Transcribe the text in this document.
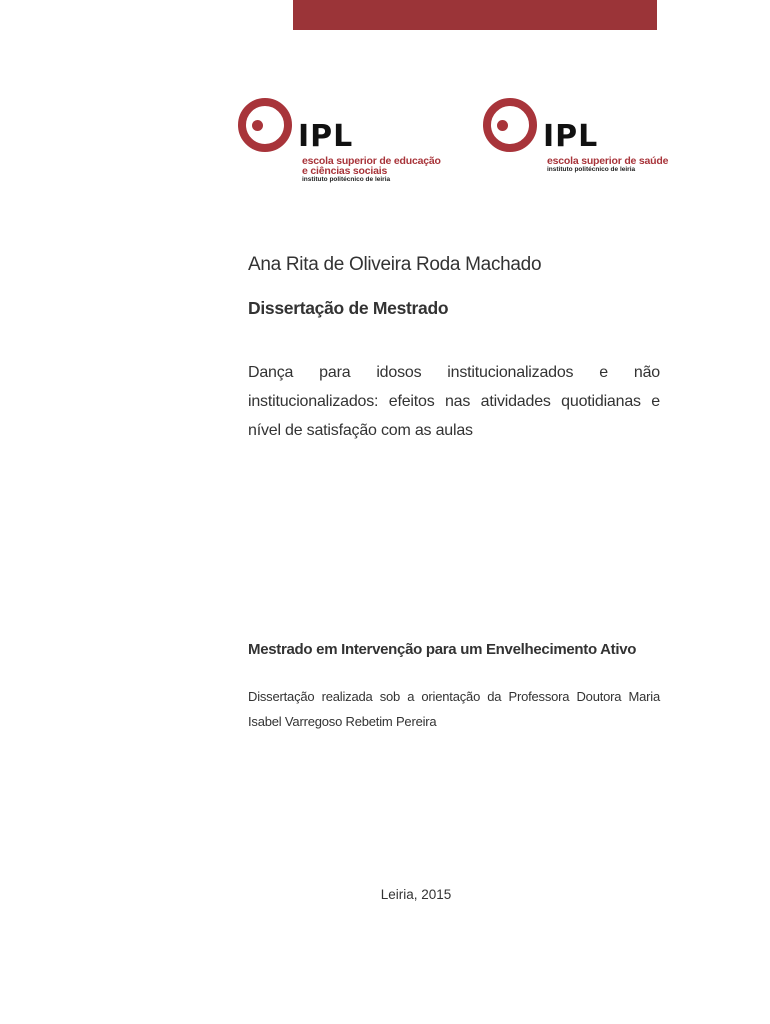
IPL
escola superior de educação
e ciências sociais
instituto politécnico de leiria
IPL
escola superior de saúde
instituto politécnico de leiria
Ana Rita de Oliveira Roda Machado
Dissertação de Mestrado
Dança para idosos institucionalizados e não
institucionalizados: efeitos nas atividades quotidianas e nível de satisfação com as aulas
Mestrado em Intervenção para um Envelhecimento Ativo
Dissertação realizada sob a orientação da Professora Doutora Maria Isabel Varregoso Rebetim Pereira
Leiria, 2015
